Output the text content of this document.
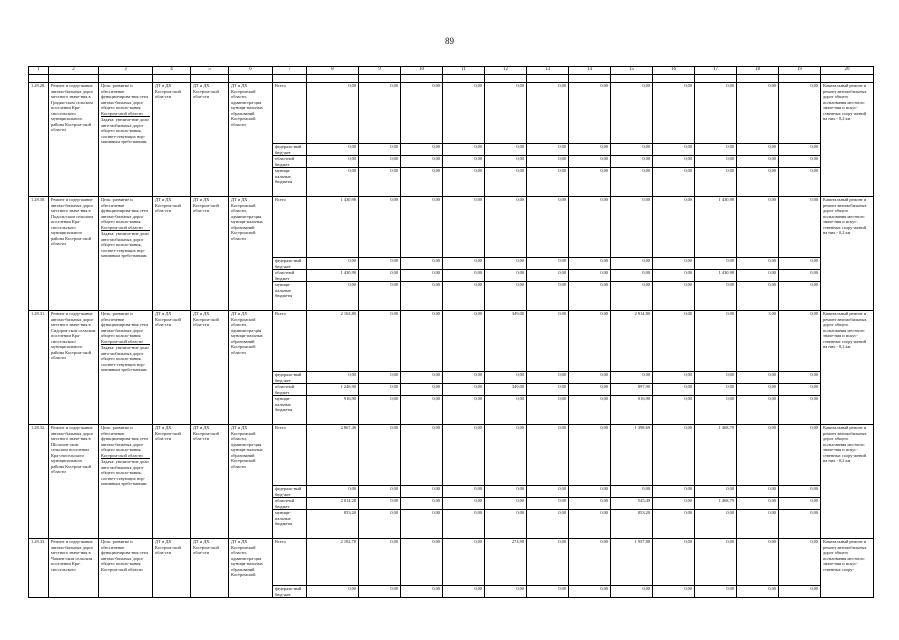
89
1	2	3	4	5	6	7	8	9	10	11	12	13	14	15	16	17	18	19	20

1.28.28.	Ремонт и содер-жание автомо-бильных дорог местного значе-ния в Гридки-ском сельском поселении Кра-сносельского муниципального района Костром-ской области	Цель: развитие и обеспечение функционирова-ния сети автомо-бильных дорог общего пользо-вания Костром-ской области
Задача: увеличе-ние доли авто-мобильных дорог общего пользо-вания, соответ-ствующих нор-мативным требо-ваниям	ДТ и ДХ Костром-ской обла-сти	ДТ и ДХ Костром-ской обла-сти	ДТ и ДХ Костромской области, администра-ция муници-пальных образований Костромской области	Всего	0,00	0,00	0,00	0,00	0,00	0,00	0,00	0,00	0,00	0,00	0,00	0,00	Капитальный ремонт и ремонт автомобильных дорог общего пользования местного значе-ния и искус-ственных соору-жений на них - 0,2 км
						федераль-ный бюд-жет	0,00	0,00	0,00	0,00	0,00	0,00	0,00	0,00	0,00	0,00	0,00	0,00	
						областной бюджет	0,00	0,00	0,00	0,00	0,00	0,00	0,00	0,00	0,00	0,00	0,00	0,00	
						муници-пальные бюджеты	0,00	0,00	0,00	0,00	0,00	0,00	0,00	0,00	0,00	0,00	0,00	0,00	
1.28.30.	Ремонт и содер-жание автомо-бильных дорог местного значе-ния в Подоль-ском сельском поселении Кра-сносельского муниципального района Костром-ской области	Цель: развитие и обеспечение функционирова-ния сети автомо-бильных дорог общего пользо-вания Костром-ской области
Задача: увеличе-ние доли авто-мобильных дорог общего пользо-вания, соответ-ствующих нор-мативным требо-ваниям	ДТ и ДХ Костром-ской обла-сти	ДТ и ДХ Костром-ской обла-сти	ДТ и ДХ Костромской области, администра-ция муници-пальных образований Костромской области	Всего	1 430,98	0,00	0,00	0,00	0,00	0,00	0,00	0,00	0,00	1 430,98	0,00	0,00	Капитальный ремонт и ремонт автомобильных дорог общего пользования местного значе-ния и искус-ственных соору-жений на них - 0,2 км
						федераль-ный бюд-жет	0,00	0,00	0,00	0,00	0,00	0,00	0,00	0,00	0,00	0,00	0,00	0,00	
						областной бюджет	1 430,98	0,00	0,00	0,00	0,00	0,00	0,00	0,00	0,00	1 430,98	0,00	0,00	
						муници-пальные бюджеты	0,00	0,00	0,00	0,00	0,00	0,00	0,00	0,00	0,00	0,00	0,00	0,00	
1.28.31.	Ремонт и содер-жание автомо-бильных дорог местного значе-ния в Сидоров-ском сельском поселении Кра-сносельского муниципального района Костром-ской области	Цель: развитие и обеспечение функционирова-ния сети автомо-бильных дорог общего пользо-вания Костром-ской области
Задача: увеличе-ние доли авто-мобильных дорог общего пользо-вания, соответ-ствующих нор-мативным требо-ваниям	ДТ и ДХ Костром-ской обла-сти	ДТ и ДХ Костром-ской обла-сти	ДТ и ДХ Костромской области, администра-ция муници-пальных образований Костромской области	Всего	2 163,80	0,00	0,00	0,00	349,00	0,00	0,00	2 814,80	0,00	0,00	3,00	0,00	Капитальный ремонт и ремонт автомобильных дорог общего пользования местного значе-ния и искус-ственных соору-жений на них - 0,2 км
						федераль-ный бюд-жет	0,00	0,00	0,00	0,00	0,00	0,00	0,00	0,00	0,00	0,00	0,00	0,00	
						областной бюджет	1 246,90	0,00	0,00	0,00	349,00	0,00	0,00	897,90	0,00	0,00	0,00	0,00	
						муници-пальные бюджеты	916,90	0,00	0,00	0,00	0,00	0,00	0,00	916,90	0,00	0,00	0,00	0,00	
1.28.32.	Ремонт и содер-жание автомо-бильных дорог местного значе-ния в Шолохов-ском сельском поселении Кра-сносельского муниципального района Костром-ской области	Цель: развитие и обеспечение функционирова-ния сети автомо-бильных дорог общего пользо-вания Костром-ской области
Задача: увеличе-ние доли авто-мобильных дорог общего пользо-вания, соответ-ствующих нор-мативным требо-ваниям	ДТ и ДХ Костром-ской обла-сти	ДТ и ДХ Костром-ской обла-сти	ДТ и ДХ Костромской области, администра-ция муници-пальных образований Костромской области	Всего	2 867,48	0,00	0,00	0,00	0,00	0,00	0,00	1 398,69	0,00	1 468,79	0,00	0,00	Капитальный ремонт и ремонт автомобильных дорог общего пользования местного значе-ния и искус-ственных соору-жений на них - 0,2 км
						федераль-ный бюд-жет	0,00	0,00	0,00	0,00	0,00	0,00	0,00	0,00	0,00	0,00	0,00	0,00	
						областной бюджет	2 014,28	0,00	0,00	0,00	0,00	0,00	0,00	545,49	0,00	1 468,79	0,00	0,00	
						муници-пальные бюджеты	853,20	0,00	0,00	0,00	0,00	0,00	0,00	853,20	0,00	0,00	0,00	0,00	
1.28.33.	Ремонт и содер-жание автомо-бильных дорог местного значе-ния в Чапаев-ском сельском поселении Кра-сносельского	Цель: развитие и обеспечение функционирова-ния сети автомо-бильных дорог общего пользо-вания Костром-ской области	ДТ и ДХ Костром-ской обла-сти	ДТ и ДХ Костром-ской обла-сти	ДТ и ДХ Костромской области, администра-ция муници-пальных образований Костромской	Всего	2 182,78	0,00	0,00	0,00	274,90	0,00	0,00	1 957,88	0,00	0,00	0,00	0,00	Капитальный ремонт и ремонт автомобильных дорог общего пользования местного значе-ния и искус-ственных соору-
						федераль-ный бюд-жет	0,00	0,00	0,00	0,00	0,00	0,00	0,00	0,00	0,00	0,00	0,00	0,00	
